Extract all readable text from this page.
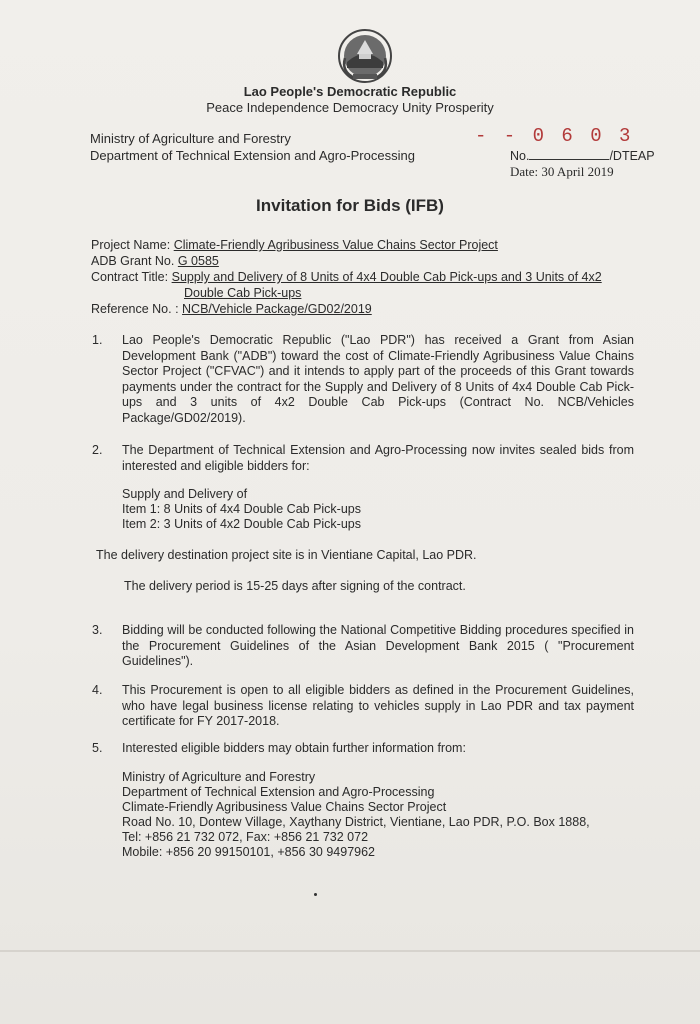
Lao People's Democratic Republic
Peace Independence Democracy Unity Prosperity
Ministry of Agriculture and Forestry
Department of Technical Extension and Agro-Processing
- - 0 6 0 3
No.	/DTEAP
Date: 30 April 2019
Invitation for Bids (IFB)
Project Name: Climate-Friendly Agribusiness Value Chains Sector Project
ADB Grant No. G 0585
Contract Title: Supply and Delivery of 8 Units of 4x4 Double Cab Pick-ups and 3 Units of 4x2
Double Cab Pick-ups
Reference No. : NCB/Vehicle Package/GD02/2019
1. Lao People's Democratic Republic ("Lao PDR") has received a Grant from Asian Development Bank ("ADB") toward the cost of Climate-Friendly Agribusiness Value Chains Sector Project ("CFVAC") and it intends to apply part of the proceeds of this Grant towards payments under the contract for the Supply and Delivery of 8 Units of 4x4 Double Cab Pick-ups and 3 units of 4x2 Double Cab Pick-ups (Contract No. NCB/Vehicles Package/GD02/2019).
2. The Department of Technical Extension and Agro-Processing now invites sealed bids from interested and eligible bidders for:
Supply and Delivery of
Item 1: 8 Units of 4x4 Double Cab Pick-ups
Item 2: 3 Units of 4x2 Double Cab Pick-ups
The delivery destination project site is in Vientiane Capital, Lao PDR.
The delivery period is 15-25 days after signing of the contract.
3. Bidding will be conducted following the National Competitive Bidding procedures specified in the Procurement Guidelines of the Asian Development Bank 2015 ( "Procurement Guidelines").
4. This Procurement is open to all eligible bidders as defined in the Procurement Guidelines, who have legal business license relating to vehicles supply in Lao PDR and tax payment certificate for FY 2017-2018.
5. Interested eligible bidders may obtain further information from:
Ministry of Agriculture and Forestry
Department of Technical Extension and Agro-Processing
Climate-Friendly Agribusiness Value Chains Sector Project
Road No. 10, Dontew Village, Xaythany District, Vientiane, Lao PDR, P.O. Box 1888,
Tel: +856 21 732 072, Fax: +856 21 732 072
Mobile: +856 20 99150101, +856 30 9497962
